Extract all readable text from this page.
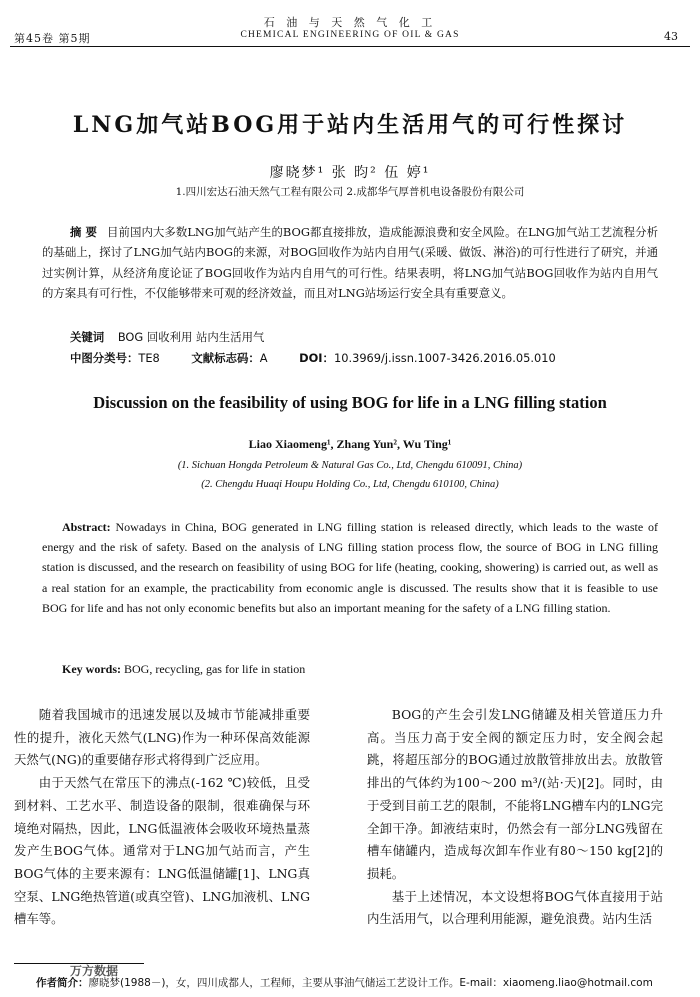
第45卷 第5期
石 油 与 天 然 气 化 工
CHEMICAL ENGINEERING OF OIL & GAS	43
LNG加气站BOG用于站内生活用气的可行性探讨
廖晓梦¹ 张 昀² 伍 婷¹
1.四川宏达石油天然气工程有限公司 2.成都华气厚普机电设备股份有限公司
摘 要 目前国内大多数LNG加气站产生的BOG都直接排放，造成能源浪费和安全风险。在LNG加气站工艺流程分析的基础上，探讨了LNG加气站内BOG的来源，对BOG回收作为站内自用气(采暖、做饭、淋浴)的可行性进行了研究，并通过实例计算，从经济角度论证了BOG回收作为站内自用气的可行性。结果表明，将LNG加气站BOG回收作为站内自用气的方案具有可行性，不仅能够带来可观的经济效益，而且对LNG站场运行安全具有重要意义。
关键词 BOG 回收利用 站内生活用气
中图分类号：TE8	文献标志码：A	DOI：10.3969/j.issn.1007-3426.2016.05.010
Discussion on the feasibility of using BOG for life in a LNG filling station
Liao Xiaomeng¹, Zhang Yun², Wu Ting¹
(1. Sichuan Hongda Petroleum & Natural Gas Co., Ltd, Chengdu 610091, China)
(2. Chengdu Huaqi Houpu Holding Co., Ltd, Chengdu 610100, China)
Abstract: Nowadays in China, BOG generated in LNG filling station is released directly, which leads to the waste of energy and the risk of safety. Based on the analysis of LNG filling station process flow, the source of BOG in LNG filling station is discussed, and the research on feasibility of using BOG for life (heating, cooking, showering) is carried out, as well as a real station for an example, the practicability from economic angle is discussed. The results show that it is feasible to use BOG for life and has not only economic benefits but also an important meaning for the safety of a LNG filling station.
Key words: BOG, recycling, gas for life in station

随着我国城市的迅速发展以及城市节能减排重要性的提升，液化天然气(LNG)作为一种环保高效能源天然气(NG)的重要储存形式将得到广泛应用。

由于天然气在常压下的沸点(-162 ℃)较低，且受到材料、工艺水平、制造设备的限制，很难确保与环境绝对隔热，因此，LNG低温液体会吸收环境热量蒸发产生BOG气体。通常对于LNG加气站而言，产生BOG气体的主要来源有：LNG低温储罐[1]、LNG真空泵、LNG绝热管道(或真空管)、LNG加液机、LNG槽车等。

BOG的产生会引发LNG储罐及相关管道压力升高。当压力高于安全阀的额定压力时，安全阀会起跳，将超压部分的BOG通过放散管排放出去。放散管排出的气体约为100～200 m³/(站·天)[2]。同时，由于受到目前工艺的限制，不能将LNG槽车内的LNG完全卸干净。卸液结束时，仍然会有一部分LNG残留在槽车储罐内，造成每次卸车作业有80～150 kg[2]的损耗。

基于上述情况，本文设想将BOG气体直接用于站内生活用气，以合理利用能源，避免浪费。站内生活

万方数据
作者简介：廖晓梦(1988－)，女，四川成都人，工程师，主要从事油气储运工艺设计工作。E-mail：xiaomeng.liao@hotmail.com
